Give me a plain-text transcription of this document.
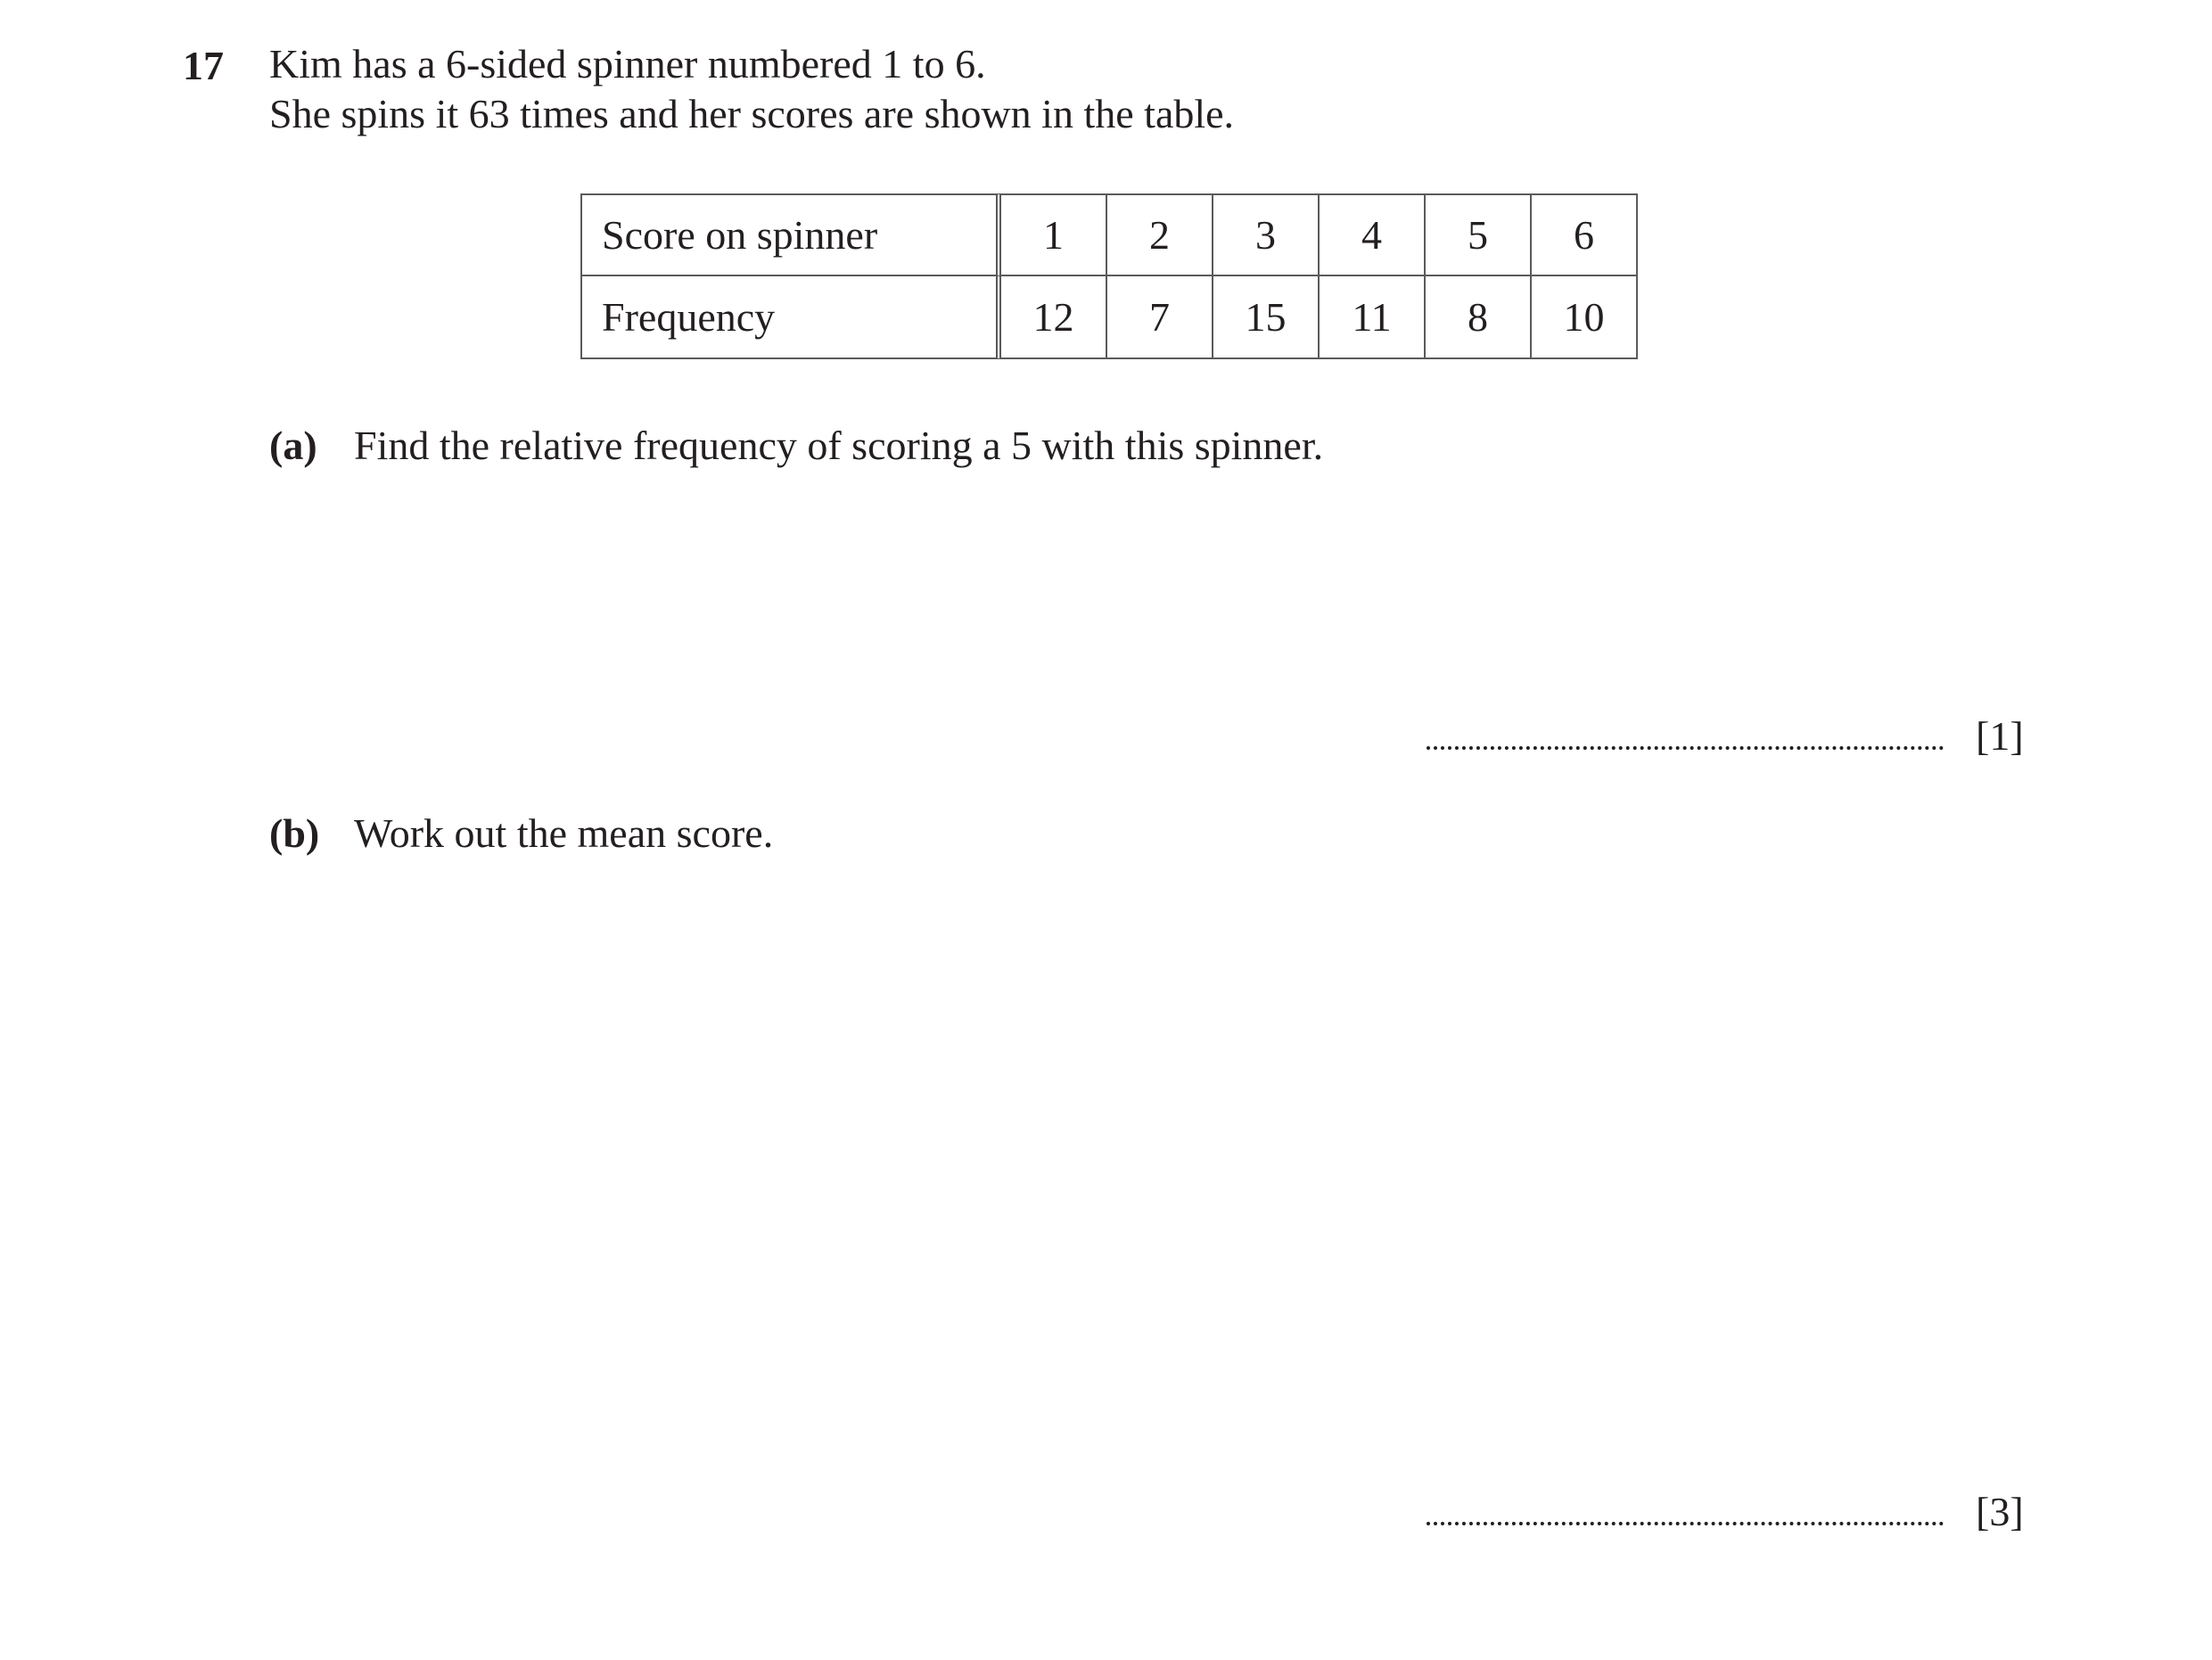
17 Kim has a 6-sided spinner numbered 1 to 6.
She spins it 63 times and her scores are shown in the table.
Score on spinner	1	2	3	4	5	6
Frequency	12	7	15	11	8	10
(a) Find the relative frequency of scoring a 5 with this spinner.
[1]
(b) Work out the mean score.
[3]
